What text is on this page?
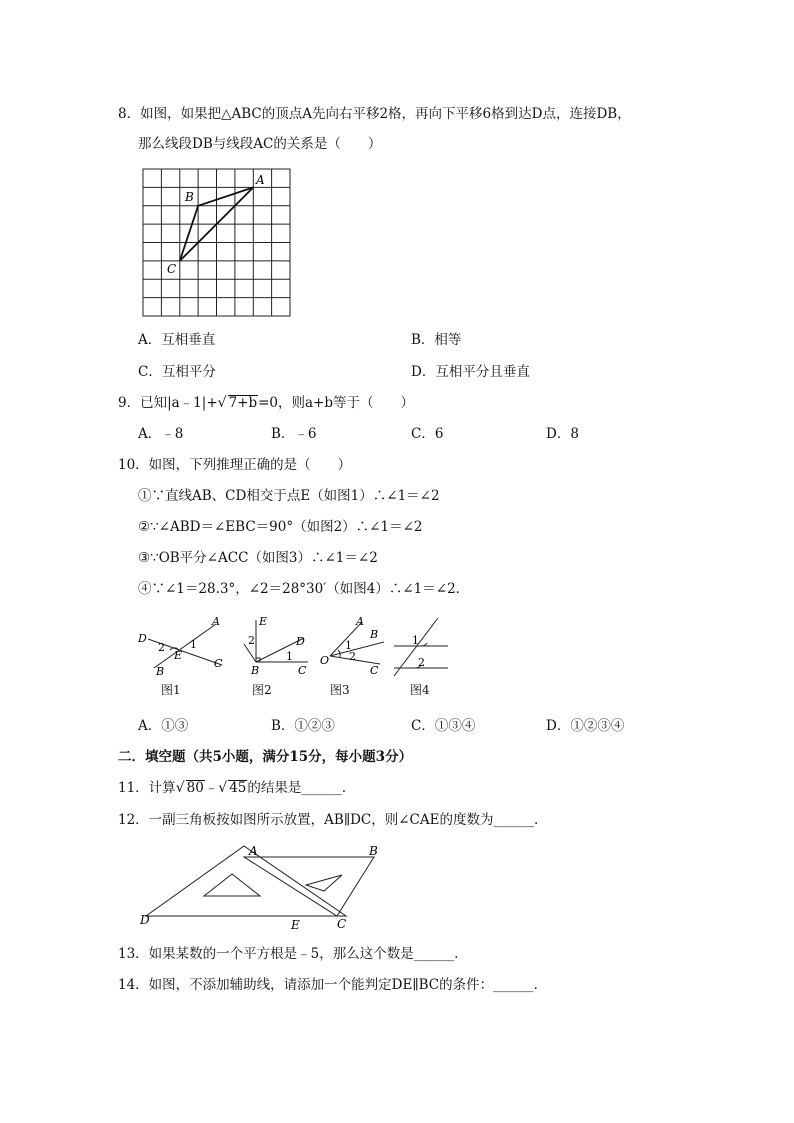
8．如图，如果把△ABC的顶点A先向右平移2格，再向下平移6格到达D点，连接DB，
那么线段DB与线段AC的关系是（　　）
A
B
C
A．互相垂直	B．相等
C．互相平分	D．互相平分且垂直
9．已知|a﹣1|+√ 7+b=0，则a+b等于（　　）
A．﹣8	B．﹣6	C．6	D．8
10．如图，下列推理正确的是（　　）
①∵直线AB、CD相交于点E（如图1）∴∠1＝∠2
②∵∠ABD＝∠EBC＝90°（如图2）∴∠1＝∠2
③∵OB平分∠ACC（如图3）∴∠1＝∠2
④∵∠1＝28.3°，∠2＝28°30′（如图4）∴∠1＝∠2．
D
A
2 1
E
B
C
图1
E
2	D
1
B	C
图2
A
B
1
O 2
C
图3
1
2
图4
A．①③	B．①②③	C．①③④	D．①②③④
二．填空题（共5小题，满分15分，每小题3分）
11．计算√ 80﹣√ 45的结果是______．
12．一副三角板按如图所示放置，AB∥DC，则∠CAE的度数为______．
A	B
D	E	C
13．如果某数的一个平方根是﹣5，那么这个数是______．
14．如图，不添加辅助线，请添加一个能判定DE∥BC的条件：______．
